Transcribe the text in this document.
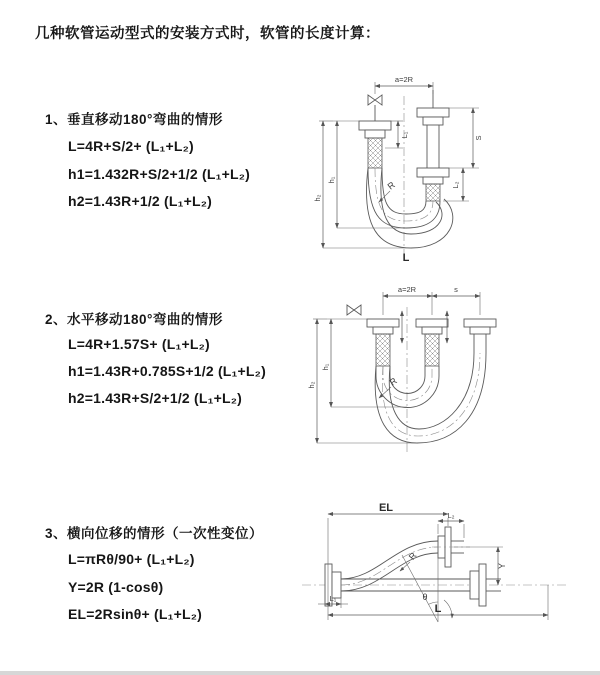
几种软管运动型式的安装方式时，软管的长度计算：
1、垂直移动180°弯曲的情形
L=4R+S/2+ (L₁+L₂)
h1=1.432R+S/2+1/2 (L₁+L₂)
h2=1.43R+1/2 (L₁+L₂)
a=2R
L₁
h₁
h₂
S
L₂
R
L
2、水平移动180°弯曲的情形
L=4R+1.57S+ (L₁+L₂)
h1=1.43R+0.785S+1/2 (L₁+L₂)
h2=1.43R+S/2+1/2 (L₁+L₂)
a=2R	s
h₁
h₂	R
3、横向位移的情形（一次性变位）
L=πRθ/90+ (L₁+L₂)
Y=2R (1-cosθ)
EL=2Rsinθ+ (L₁+L₂)
EL
L₂
Y
R
θ
L₁
L
